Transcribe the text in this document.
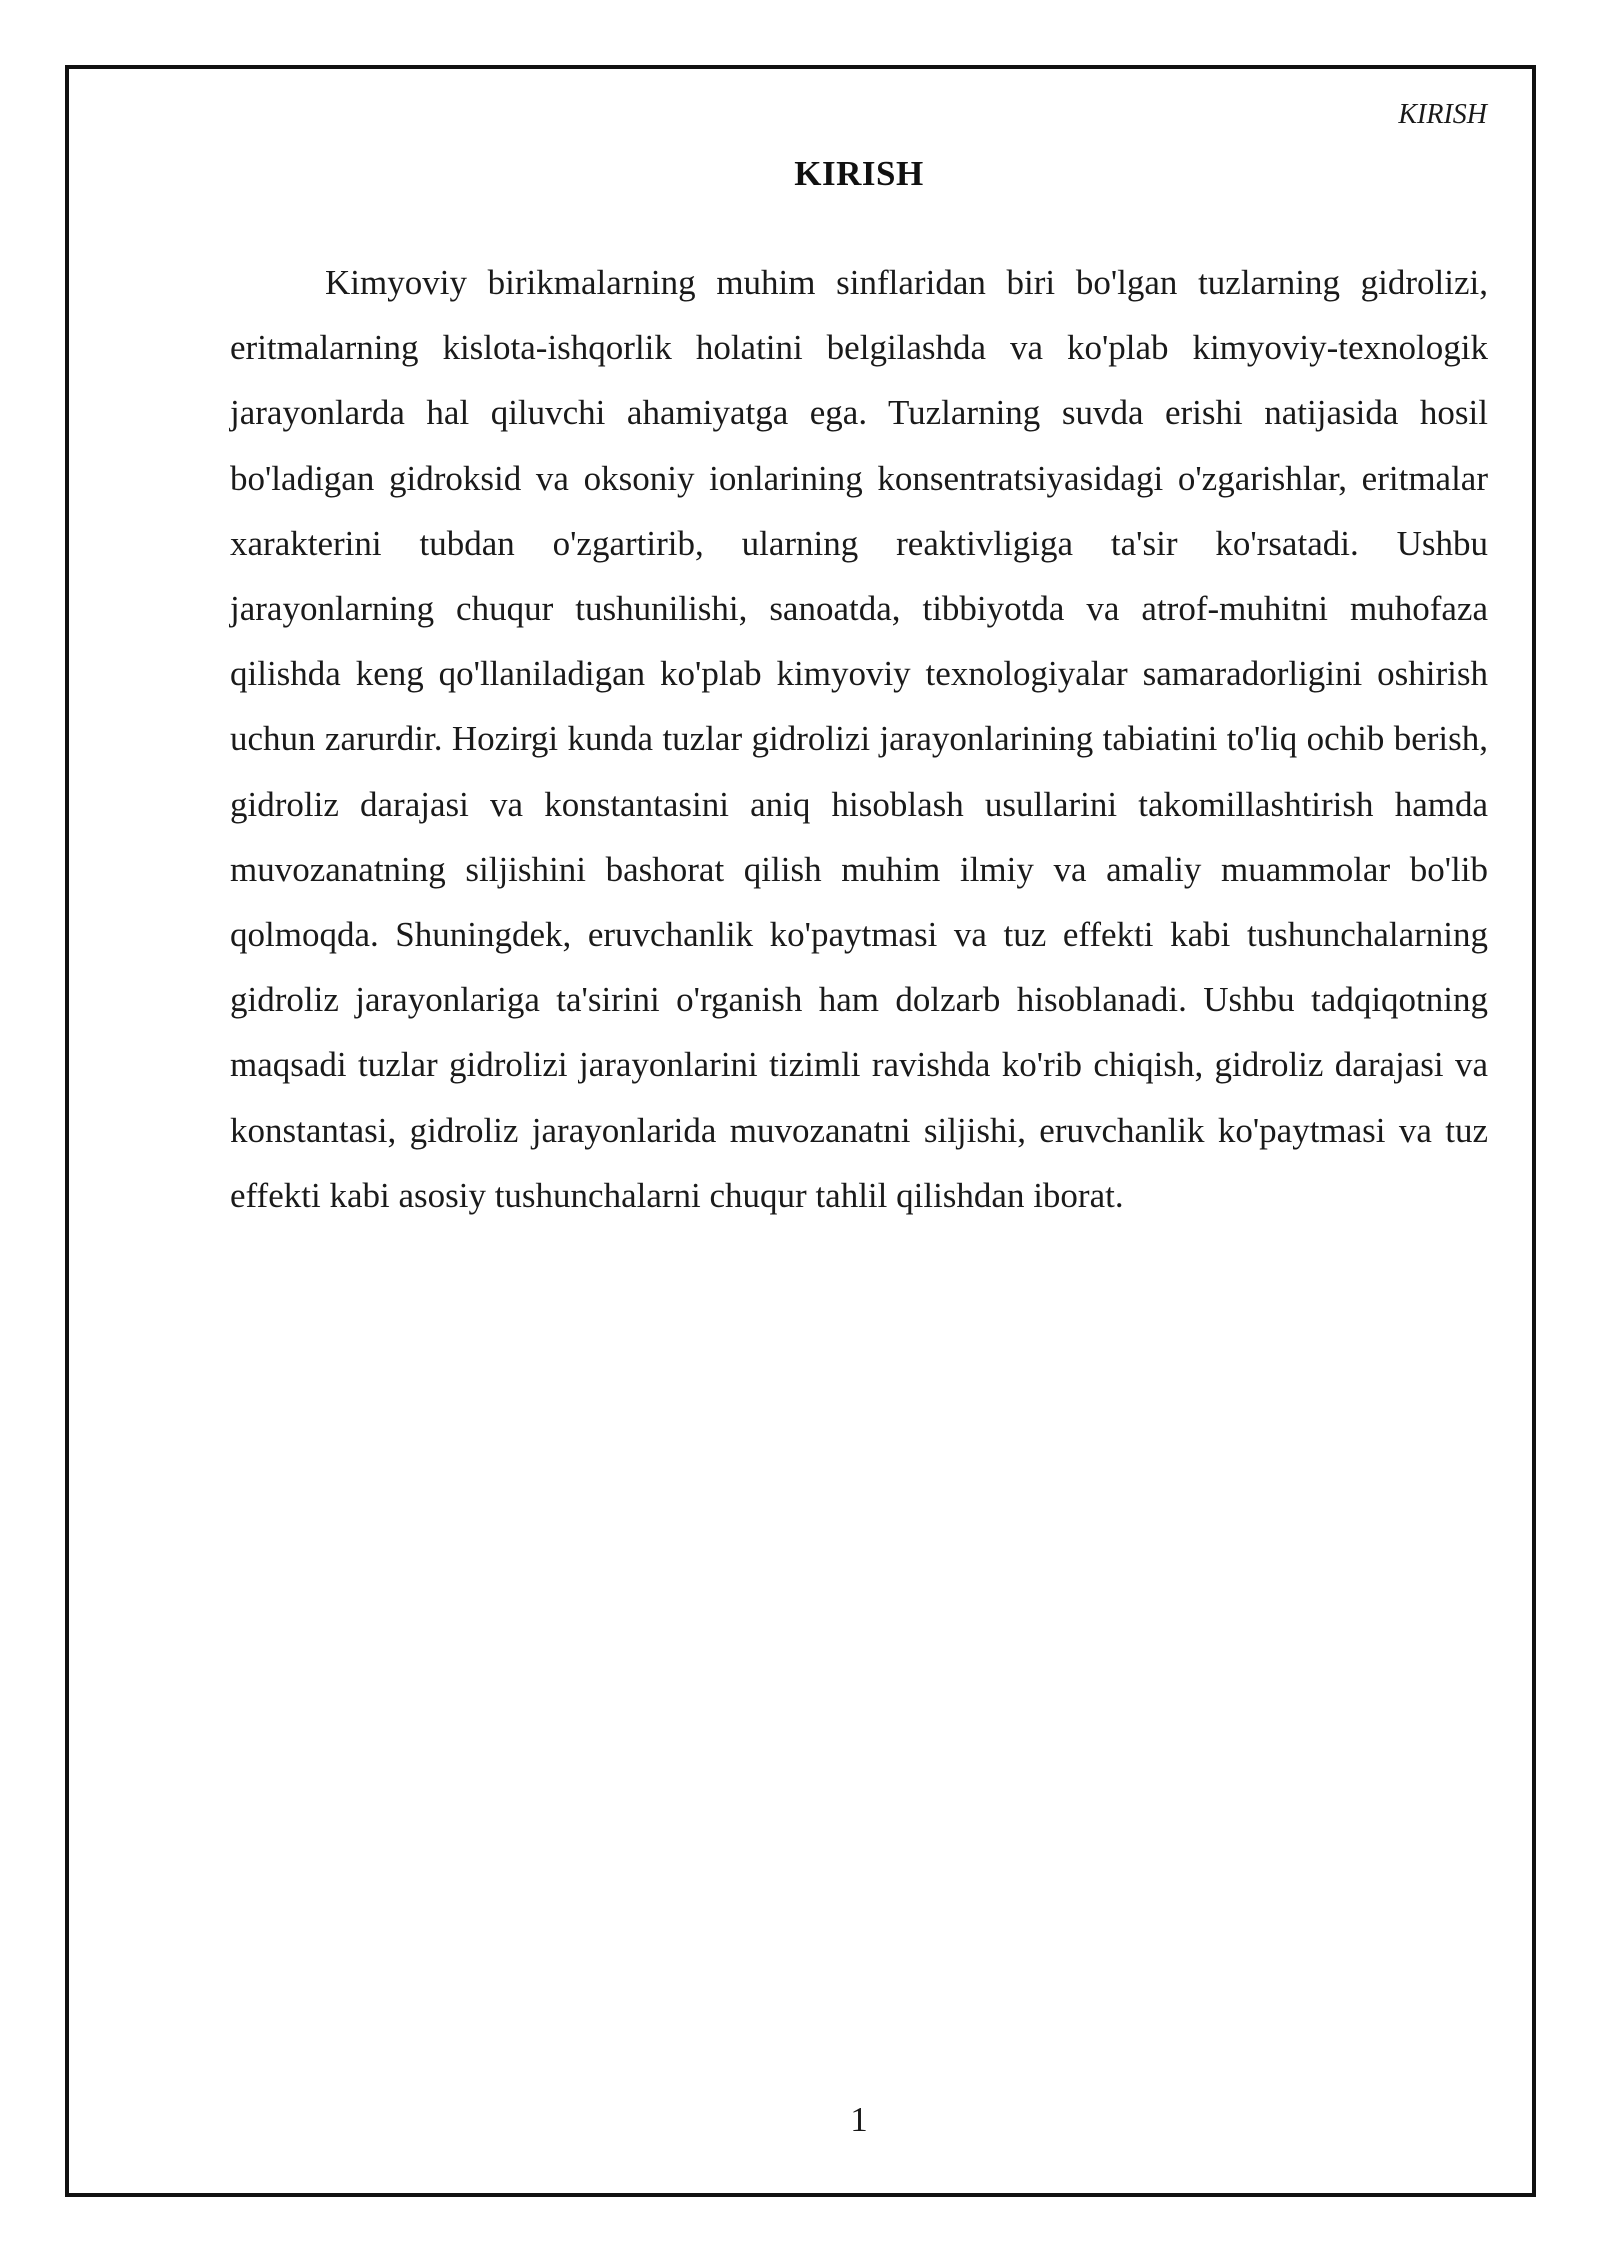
KIRISH
KIRISH

Kimyoviy birikmalarning muhim sinflaridan biri bo'lgan tuzlarning gidrolizi, eritmalarning kislota-ishqorlik holatini belgilashda va ko'plab kimyoviy-texnologik jarayonlarda hal qiluvchi ahamiyatga ega. Tuzlarning suvda erishi natijasida hosil bo'ladigan gidroksid va oksoniy ionlarining konsentratsiyasidagi o'zgarishlar, eritmalar xarakterini tubdan o'zgartirib, ularning reaktivligiga ta'sir ko'rsatadi. Ushbu jarayonlarning chuqur tushunilishi, sanoatda, tibbiyotda va atrof-muhitni muhofaza qilishda keng qo'llaniladigan ko'plab kimyoviy texnologiyalar samaradorligini oshirish uchun zarurdir. Hozirgi kunda tuzlar gidrolizi jarayonlarining tabiatini to'liq ochib berish, gidroliz darajasi va konstantasini aniq hisoblash usullarini takomillashtirish hamda muvozanatning siljishini bashorat qilish muhim ilmiy va amaliy muammolar bo'lib qolmoqda. Shuningdek, eruvchanlik ko'paytmasi va tuz effekti kabi tushunchalarning gidroliz jarayonlariga ta'sirini o'rganish ham dolzarb hisoblanadi. Ushbu tadqiqotning maqsadi tuzlar gidrolizi jarayonlarini tizimli ravishda ko'rib chiqish, gidroliz darajasi va konstantasi, gidroliz jarayonlarida muvozanatni siljishi, eruvchanlik ko'paytmasi va tuz effekti kabi asosiy tushunchalarni chuqur tahlil qilishdan iborat.

1
